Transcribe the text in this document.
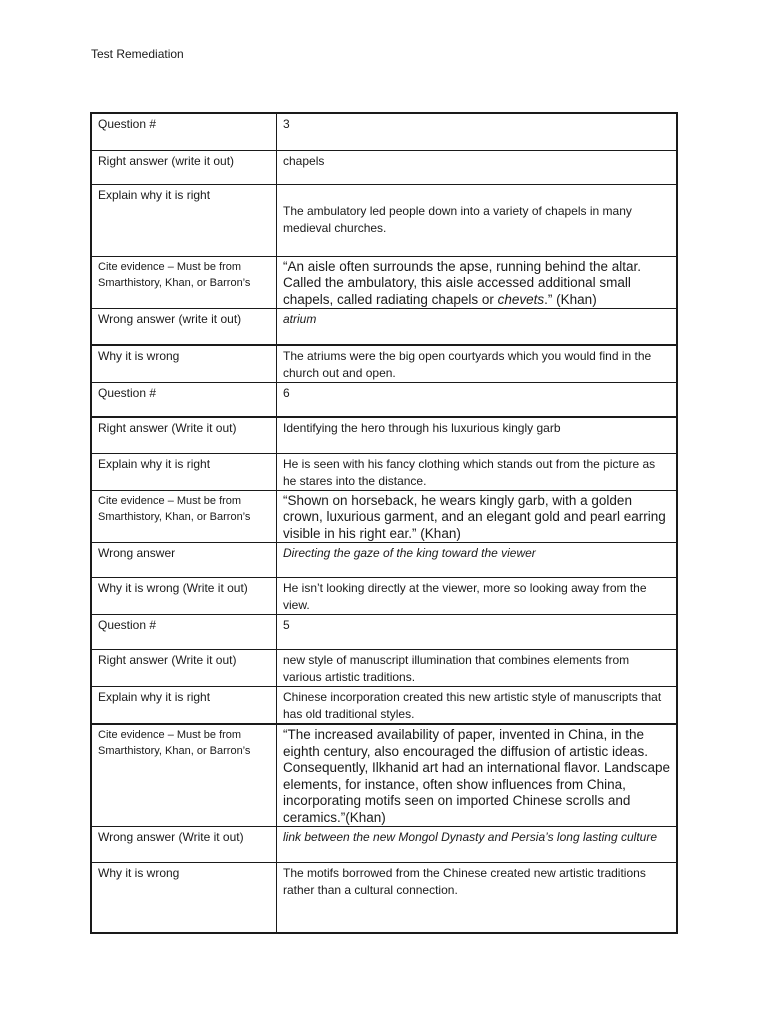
Test Remediation
Question #	3
Right answer (write it out)	chapels
Explain why it is right	The ambulatory led people down into a variety of chapels in many medieval churches.
Cite evidence – Must be from Smarthistory, Khan, or Barron’s	“An aisle often surrounds the apse, running behind the altar. Called the ambulatory, this aisle accessed additional small chapels, called radiating chapels or chevets.” (Khan)
Wrong answer (write it out)	atrium
Why it is wrong	The atriums were the big open courtyards which you would find in the church out and open.
Question #	6
Right answer (Write it out)	Identifying the hero through his luxurious kingly garb
Explain why it is right	He is seen with his fancy clothing which stands out from the picture as he stares into the distance.
Cite evidence – Must be from Smarthistory, Khan, or Barron’s	“Shown on horseback, he wears kingly garb, with a golden crown, luxurious garment, and an elegant gold and pearl earring visible in his right ear.” (Khan)
Wrong answer	Directing the gaze of the king toward the viewer
Why it is wrong (Write it out)	He isn’t looking directly at the viewer, more so looking away from the view.
Question #	5
Right answer (Write it out)	new style of manuscript illumination that combines elements from various artistic traditions.
Explain why it is right	Chinese incorporation created this new artistic style of manuscripts that has old traditional styles.
Cite evidence – Must be from Smarthistory, Khan, or Barron’s	“The increased availability of paper, invented in China, in the eighth century, also encouraged the diffusion of artistic ideas. Consequently, Ilkhanid art had an international flavor. Landscape elements, for instance, often show influences from China, incorporating motifs seen on imported Chinese scrolls and ceramics.”(Khan)
Wrong answer (Write it out)	link between the new Mongol Dynasty and Persia’s long lasting culture
Why it is wrong	The motifs borrowed from the Chinese created new artistic traditions rather than a cultural connection.
